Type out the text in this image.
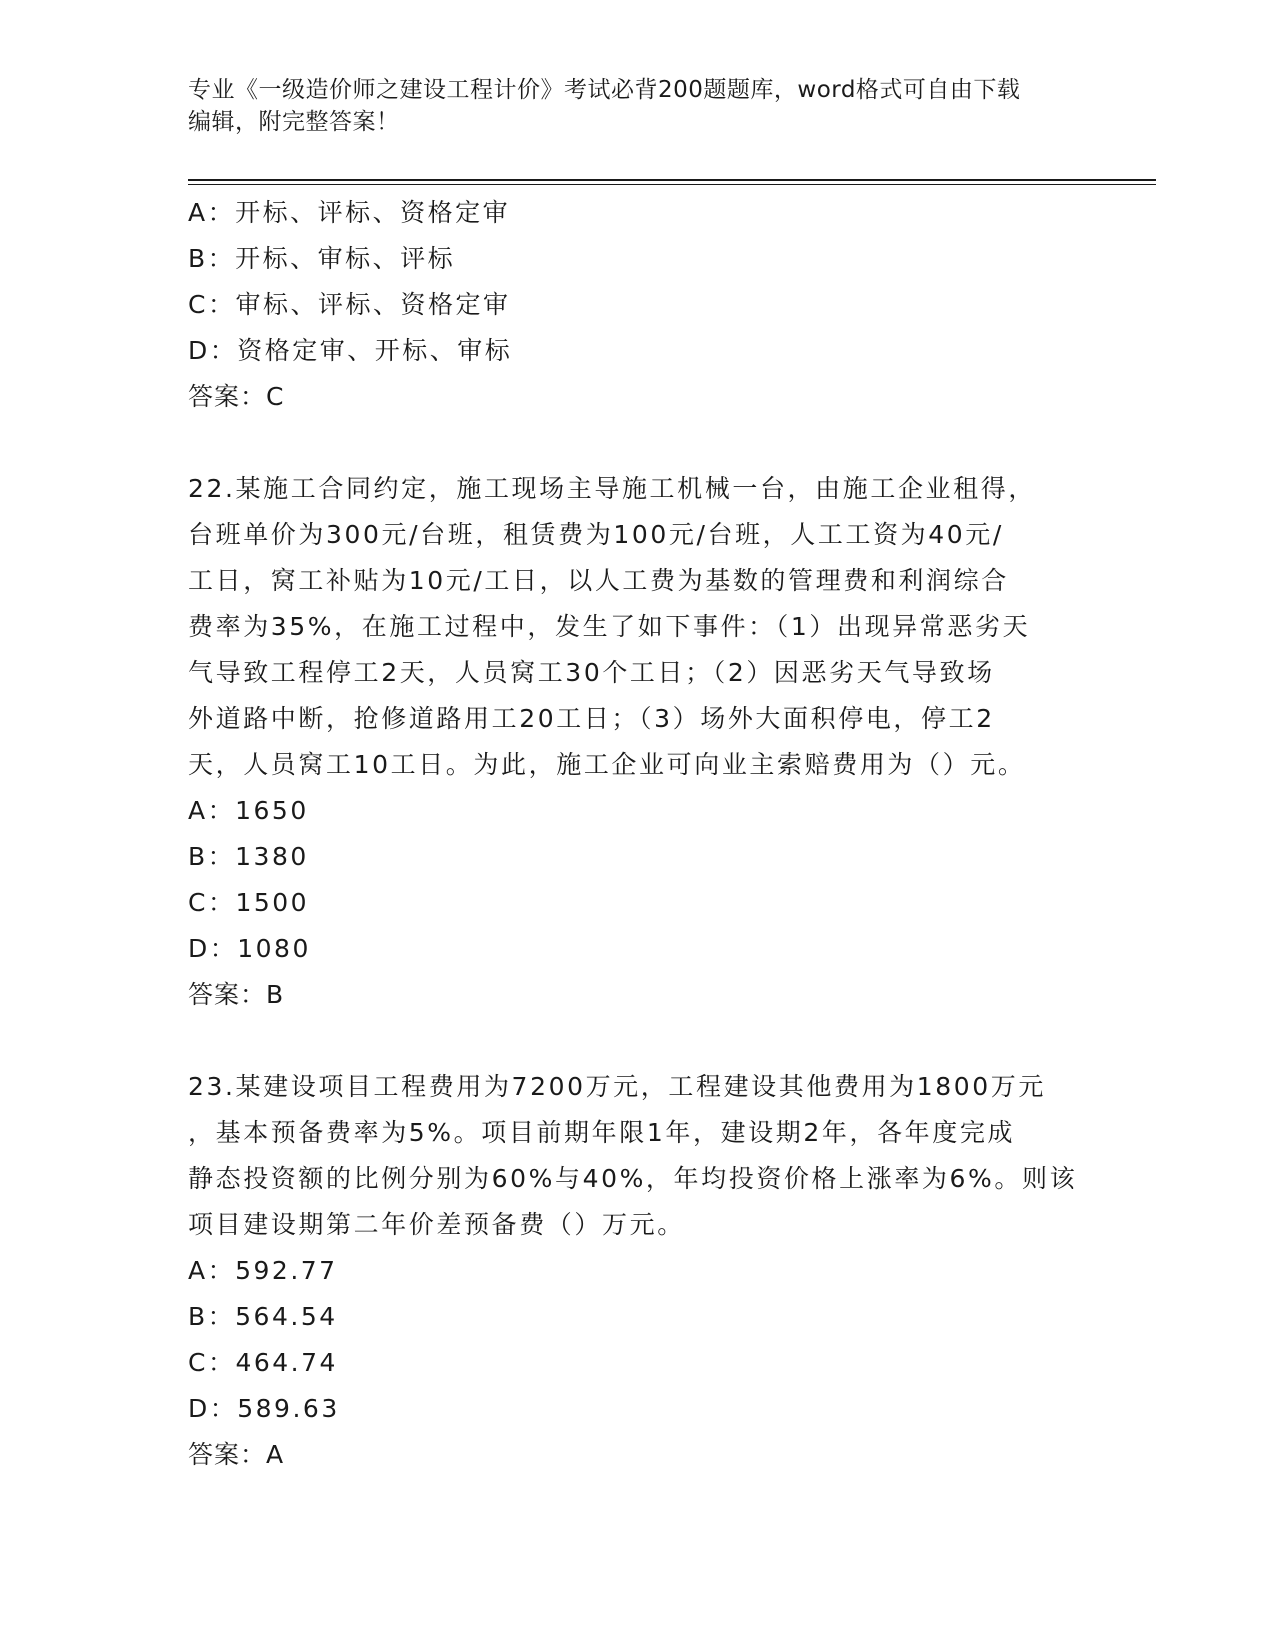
专业《一级造价师之建设工程计价》考试必背200题题库，word格式可自由下载
编辑，附完整答案！
A：开标、评标、资格定审
B：开标、审标、评标
C：审标、评标、资格定审
D：资格定审、开标、审标
答案：C
22.某施工合同约定，施工现场主导施工机械一台，由施工企业租得，
台班单价为300元/台班，租赁费为100元/台班，人工工资为40元/
工日，窝工补贴为10元/工日，以人工费为基数的管理费和利润综合
费率为35%，在施工过程中，发生了如下事件：（1）出现异常恶劣天
气导致工程停工2天，人员窝工30个工日；（2）因恶劣天气导致场
外道路中断，抢修道路用工20工日；（3）场外大面积停电，停工2
天，人员窝工10工日。为此，施工企业可向业主索赔费用为（）元。
A：1650
B：1380
C：1500
D：1080
答案：B
23.某建设项目工程费用为7200万元，工程建设其他费用为1800万元
，基本预备费率为5%。项目前期年限1年，建设期2年，各年度完成
静态投资额的比例分别为60%与40%，年均投资价格上涨率为6%。则该
项目建设期第二年价差预备费（）万元。
A：592.77
B：564.54
C：464.74
D：589.63
答案：A
